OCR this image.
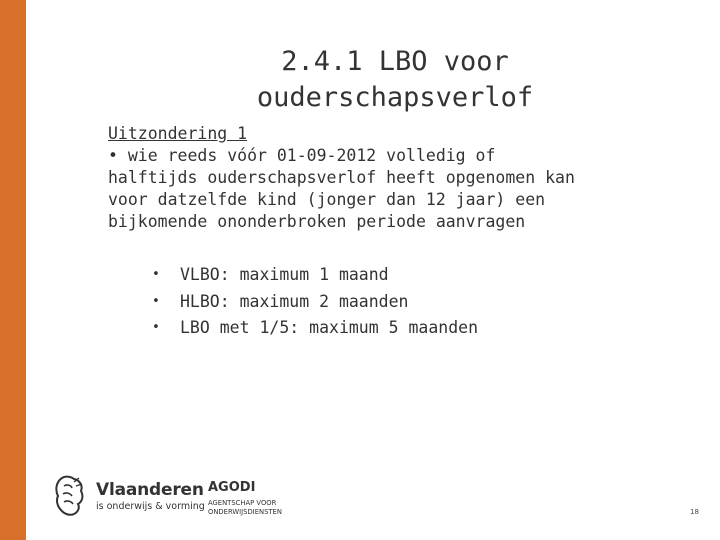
2.4.1 LBO voor
ouderschapsverlof
Uitzondering 1
• wie reeds vóór 01-09-2012 volledig of
halftijds ouderschapsverlof heeft opgenomen kan
voor datzelfde kind (jonger dan 12 jaar) een
bijkomende ononderbroken periode aanvragen
•	VLBO: maximum 1 maand
•	HLBO: maximum 2 maanden
•	LBO met 1/5: maximum 5 maanden
Vlaanderen
is onderwijs & vorming
AGODI
AGENTSCHAP VOOR
ONDERWIJSDIENSTEN	18
